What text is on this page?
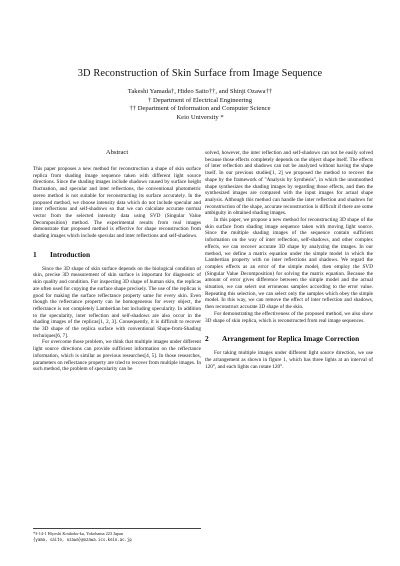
3D Reconstruction of Skin Surface from Image Sequence
Takeshi Yamada†, Hideo Saito††, and Shinji Ozawa††
† Department of Electrical Engineering
†† Department of Information and Computer Science
Keio University *
Abstract

This paper proposes a new method for reconstruction a shape of skin surface replica from shading image sequence taken with different light source directions. Since the shading images include shadows caused by surface height fluctuation, and specular and inter reflections, the conventional photometric stereo method is not suitable for reconstructing its surface accurately. In the proposed method, we choose intensity data which do not include specular and inter reflections and self-shadows so that we can calculate accurate normal vector from the selected intensity data using SVD (Singular Value Decomposition) method. The experimental results from real images demonstrate that proposed method is effective for shape reconstruction from shading images which include specular and inter reflections and self-shadows.

1	Introduction

Since the 3D shape of skin surface depends on the biological condition of skin, precise 3D measurement of skin surface is important for diagnostic of skin quality and condition. For inspecting 3D shape of human skin, the replicas are often used for copying the surface shape precisely. The use of the replicas is good for making the surface reflectance property same for every skin. Even though the reflectance property can be homogeneous for every object, the reflectance is not completely Lambertian but including specularity. In addition to the specularity, inter reflection and self-shadows are also occur in the shading images of the replicas[1, 2, 3]. Consequently, it is difficult to recover the 3D shape of the replica surface with conventional Shape-from-Shading techniques[6, 7].

For overcome those problem, we think that multiple images under different light source directions can provide sufficient information on the reflectance information, which is similar as previous researches[4, 5]. In those researches, parameters on reflectance property are tried to recover from multiple images. In such method, the problem of specularity can be

solved, however, the inter reflection and self-shadows can not be easily solved because those effects completely depends on the object shape itself. The effects of inter reflection and shadows can not be analyzed without having the shape itself. In our previous studies[1, 2] we proposed the method to recover the shape by the framework of "Analysis by Synthesis", in which the unsmoothed shape synthesizes the shading images by regarding those effects, and then the synthesized images are compared with the input images for actual shape analysis. Although this method can handle the inter reflection and shadows for reconstruction of the shape, accurate reconstruction is difficult if there are some ambiguity in obtained shading images.

In this paper, we propose a new method for reconstructing 3D shape of the skin surface from shading image sequence taken with moving light source. Since the multiple shading images of the sequence contain sufficient information on the way of inter reflection, self-shadows, and other complex effects, we can recover accurate 3D shape by analyzing the images. In our method, we define a matrix equation under the simple model in which the Lambertian property with no inter reflections and shadows. We regard the complex effects as an error of the simple model, then employ the SVD (Singular Value Decomposition) for solving the matrix equation. Because the amount of error gives difference between the simple model and the actual situation, we can select out erroneous samples according to the error value. Repeating this selection, we can select only the samples which obey the simple model. In this way, we can remove the effect of inter reflection and shadows, then reconstruct accurate 3D shape of the skin.

For demonstrating the effectiveness of the proposed method, we also show 3D shape of skin replica, which is reconstructed from real image sequences.

2	Arrangement for Replica Image Correction

For taking multiple images under different light source direction, we use the arrangement as shown in figure 1, which has three lights at an interval of 120°, and each lights can rotate 120°.

*3-14-1 Hiyoshi Kouhoku-ku, Yokohama 223 Japan
{yama, saito, ozawa}@ozawa.ics.keio.ac.jp
